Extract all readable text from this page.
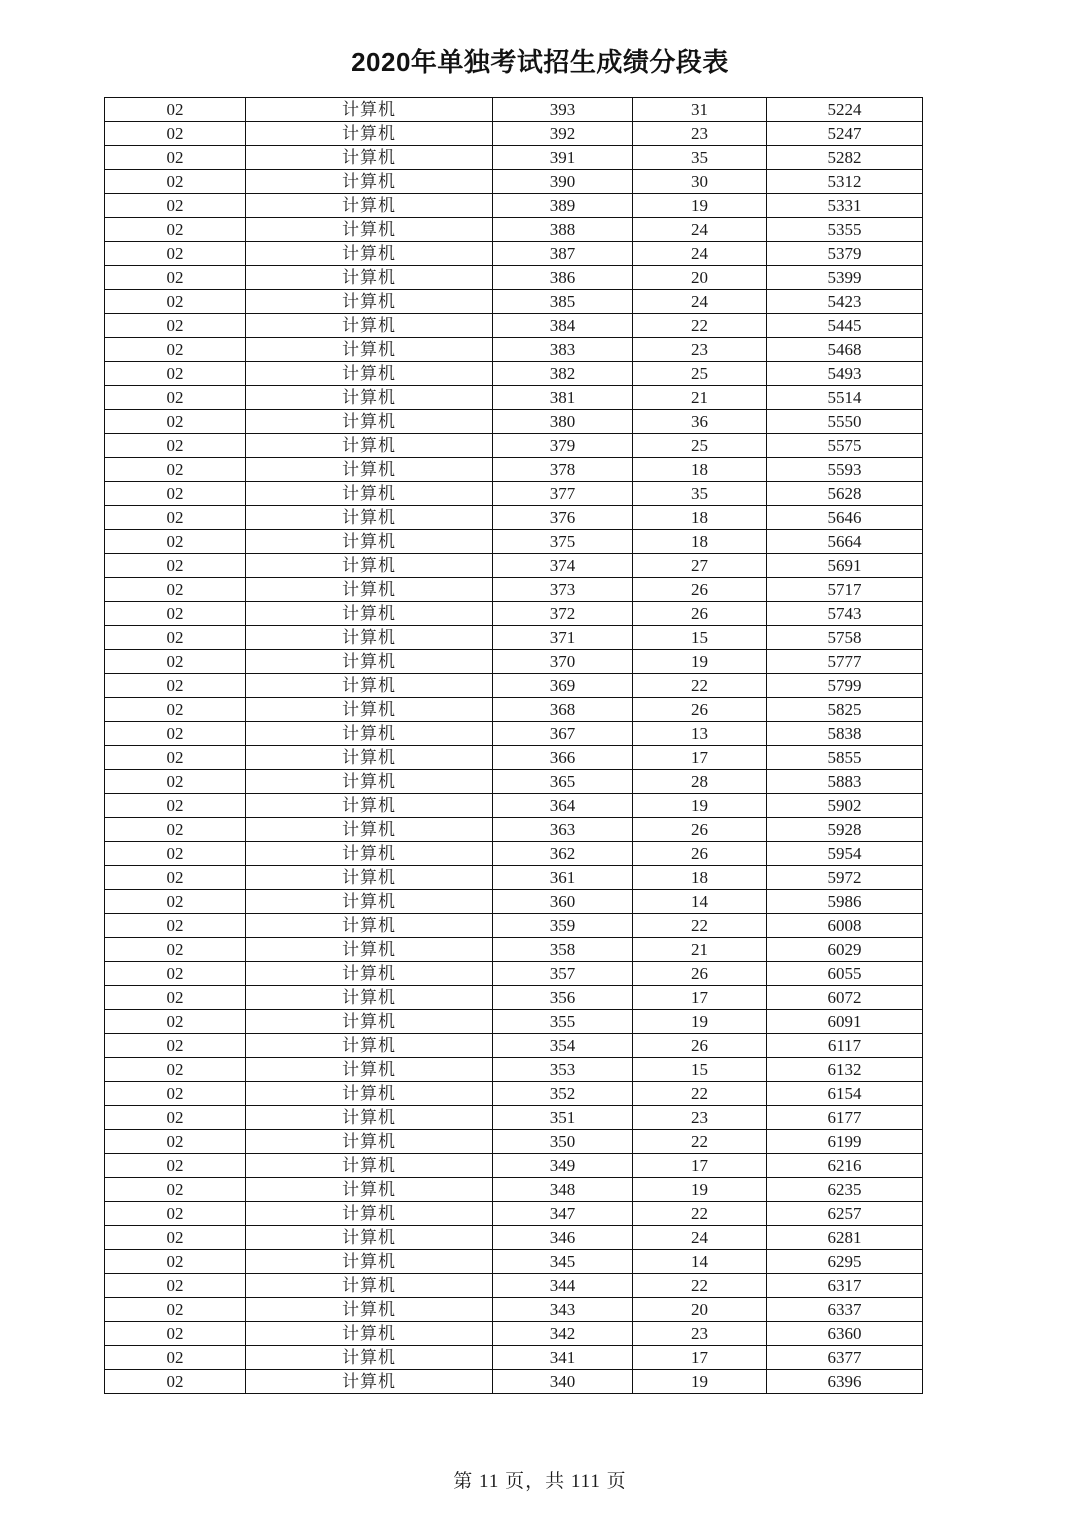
2020年单独考试招生成绩分段表
02	计算机	393	31	5224
02	计算机	392	23	5247
02	计算机	391	35	5282
02	计算机	390	30	5312
02	计算机	389	19	5331
02	计算机	388	24	5355
02	计算机	387	24	5379
02	计算机	386	20	5399
02	计算机	385	24	5423
02	计算机	384	22	5445
02	计算机	383	23	5468
02	计算机	382	25	5493
02	计算机	381	21	5514
02	计算机	380	36	5550
02	计算机	379	25	5575
02	计算机	378	18	5593
02	计算机	377	35	5628
02	计算机	376	18	5646
02	计算机	375	18	5664
02	计算机	374	27	5691
02	计算机	373	26	5717
02	计算机	372	26	5743
02	计算机	371	15	5758
02	计算机	370	19	5777
02	计算机	369	22	5799
02	计算机	368	26	5825
02	计算机	367	13	5838
02	计算机	366	17	5855
02	计算机	365	28	5883
02	计算机	364	19	5902
02	计算机	363	26	5928
02	计算机	362	26	5954
02	计算机	361	18	5972
02	计算机	360	14	5986
02	计算机	359	22	6008
02	计算机	358	21	6029
02	计算机	357	26	6055
02	计算机	356	17	6072
02	计算机	355	19	6091
02	计算机	354	26	6117
02	计算机	353	15	6132
02	计算机	352	22	6154
02	计算机	351	23	6177
02	计算机	350	22	6199
02	计算机	349	17	6216
02	计算机	348	19	6235
02	计算机	347	22	6257
02	计算机	346	24	6281
02	计算机	345	14	6295
02	计算机	344	22	6317
02	计算机	343	20	6337
02	计算机	342	23	6360
02	计算机	341	17	6377
02	计算机	340	19	6396
第 11 页，共 111 页
